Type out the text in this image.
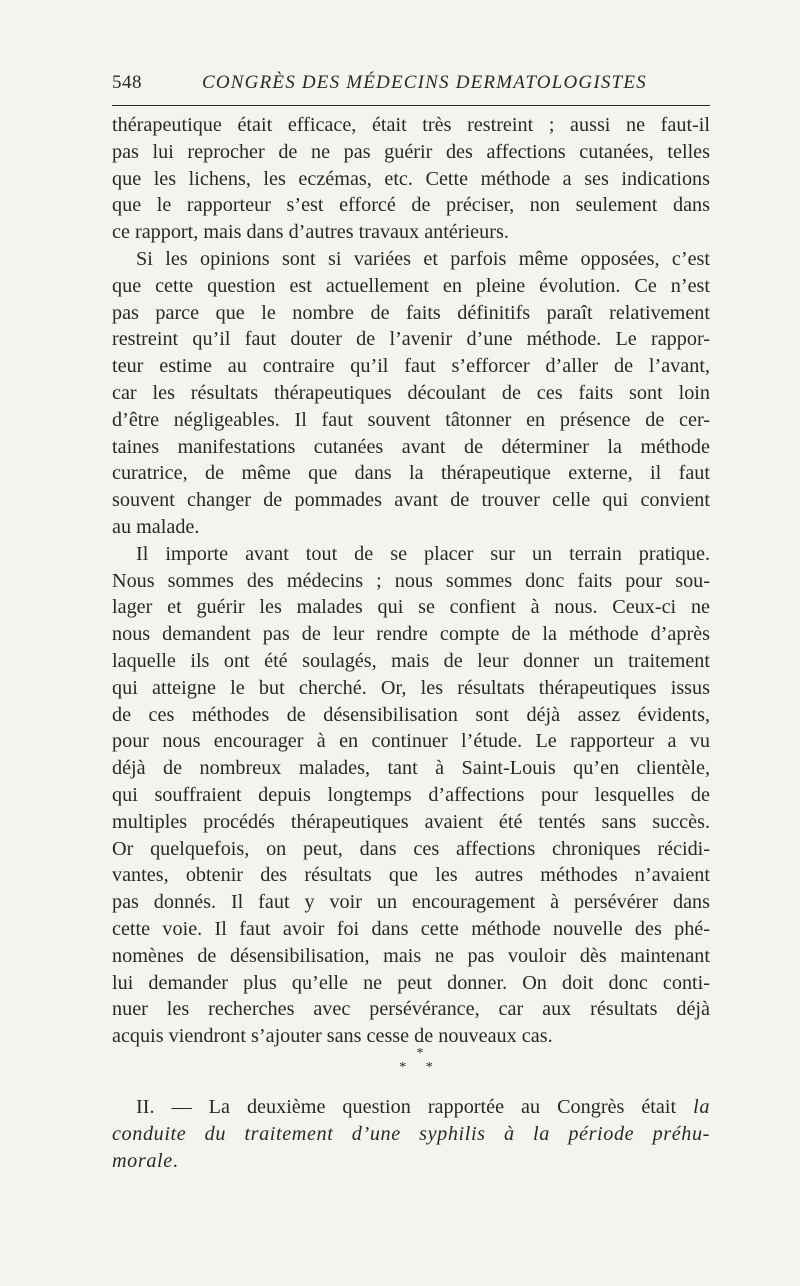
548	CONGRÈS DES MÉDECINS DERMATOLOGISTES

thérapeutique était efficace, était très restreint ; aussi ne faut-il
pas lui reprocher de ne pas guérir des affections cutanées, telles
que les lichens, les eczémas, etc. Cette méthode a ses indications
que le rapporteur s’est efforcé de préciser, non seulement dans
ce rapport, mais dans d’autres travaux antérieurs.

Si les opinions sont si variées et parfois même opposées, c’est
que cette question est actuellement en pleine évolution. Ce n’est
pas parce que le nombre de faits définitifs paraît relativement
restreint qu’il faut douter de l’avenir d’une méthode. Le rappor-
teur estime au contraire qu’il faut s’efforcer d’aller de l’avant,
car les résultats thérapeutiques découlant de ces faits sont loin
d’être négligeables. Il faut souvent tâtonner en présence de cer-
taines manifestations cutanées avant de déterminer la méthode
curatrice, de même que dans la thérapeutique externe, il faut
souvent changer de pommades avant de trouver celle qui convient
au malade.

Il importe avant tout de se placer sur un terrain pratique.
Nous sommes des médecins ; nous sommes donc faits pour sou-
lager et guérir les malades qui se confient à nous. Ceux-ci ne
nous demandent pas de leur rendre compte de la méthode d’après
laquelle ils ont été soulagés, mais de leur donner un traitement
qui atteigne le but cherché. Or, les résultats thérapeutiques issus
de ces méthodes de désensibilisation sont déjà assez évidents,
pour nous encourager à en continuer l’étude. Le rapporteur a vu
déjà de nombreux malades, tant à Saint-Louis qu’en clientèle,
qui souffraient depuis longtemps d’affections pour lesquelles de
multiples procédés thérapeutiques avaient été tentés sans succès.
Or quelquefois, on peut, dans ces affections chroniques récidi-
vantes, obtenir des résultats que les autres méthodes n’avaient
pas donnés. Il faut y voir un encouragement à persévérer dans
cette voie. Il faut avoir foi dans cette méthode nouvelle des phé-
nomènes de désensibilisation, mais ne pas vouloir dès maintenant
lui demander plus qu’elle ne peut donner. On doit donc conti-
nuer les recherches avec persévérance, car aux résultats déjà
acquis viendront s’ajouter sans cesse de nouveaux cas.

*
* *
II. — La deuxième question rapportée au Congrès était la
conduite du traitement d’une syphilis à la période préhu-
morale.
